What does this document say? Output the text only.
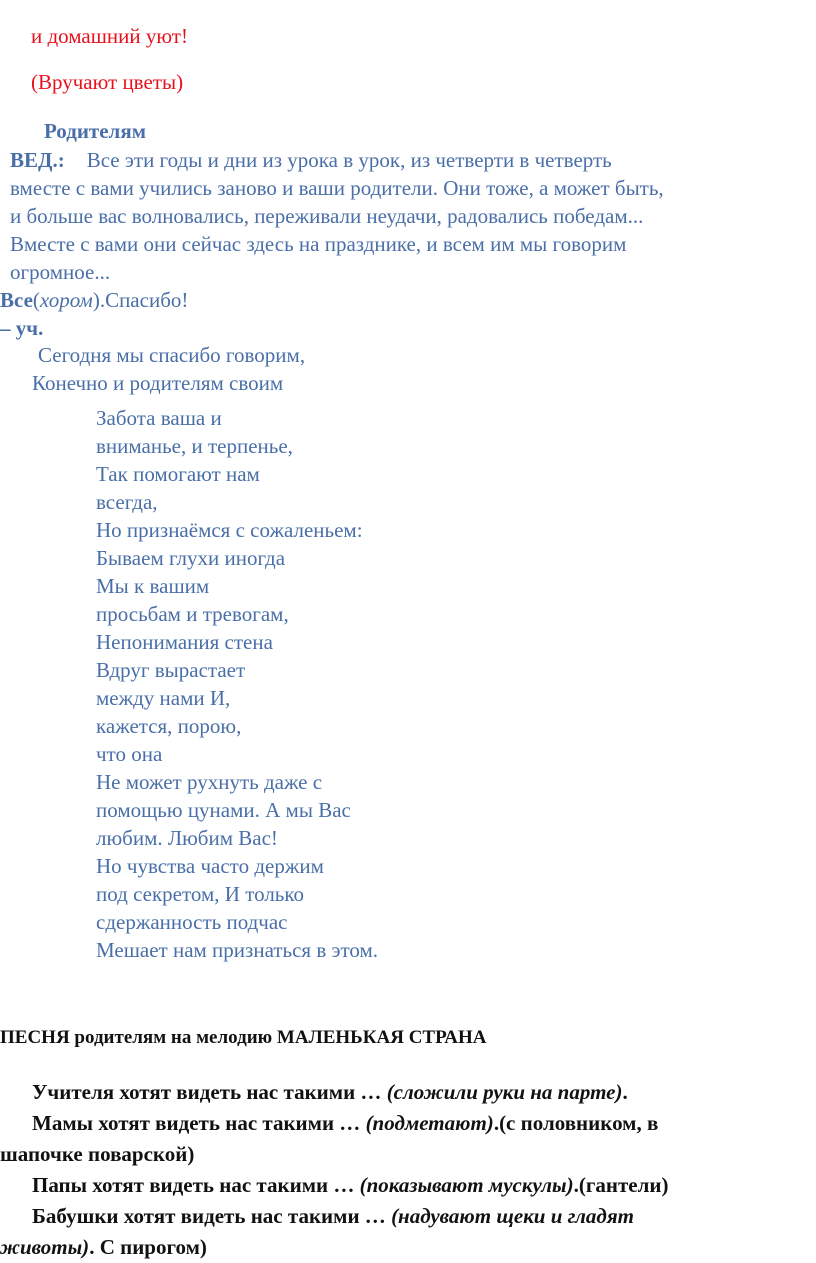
и домашний уют!
(Вручают цветы)
Родителям
ВЕД.: Все эти годы и дни из урока в урок, из четверти в четверть
вместе с вами учились заново и ваши родители. Они тоже, а может быть,
и больше вас волновались, переживали неудачи, радовались победам...
Вместе с вами они сейчас здесь на празднике, и всем им мы говорим
огромное...
Все(хором).Спасибо!
– уч.
Сегодня мы спасибо говорим,
Конечно и родителям своим
Забота ваша и
вниманье, и терпенье,
Так помогают нам
всегда,
Но признаёмся с сожаленьем:
Бываем глухи иногда
Мы к вашим
просьбам и тревогам,
Непонимания стена
Вдруг вырастает
между нами И,
кажется, порою,
что она
Не может рухнуть даже с
помощью цунами. А мы Вас
любим. Любим Вас!
Но чувства часто держим
под секретом, И только
сдержанность подчас
Мешает нам признаться в этом.
ПЕСНЯ родителям на мелодию МАЛЕНЬКАЯ СТРАНА
Учителя хотят видеть нас такими … (сложили руки на парте).
Мамы хотят видеть нас такими … (подметают).(с половником, в
шапочке поварской)
Папы хотят видеть нас такими … (показывают мускулы).(гантели)
Бабушки хотят видеть нас такими … (надувают щеки и гладят
животы). С пирогом)
